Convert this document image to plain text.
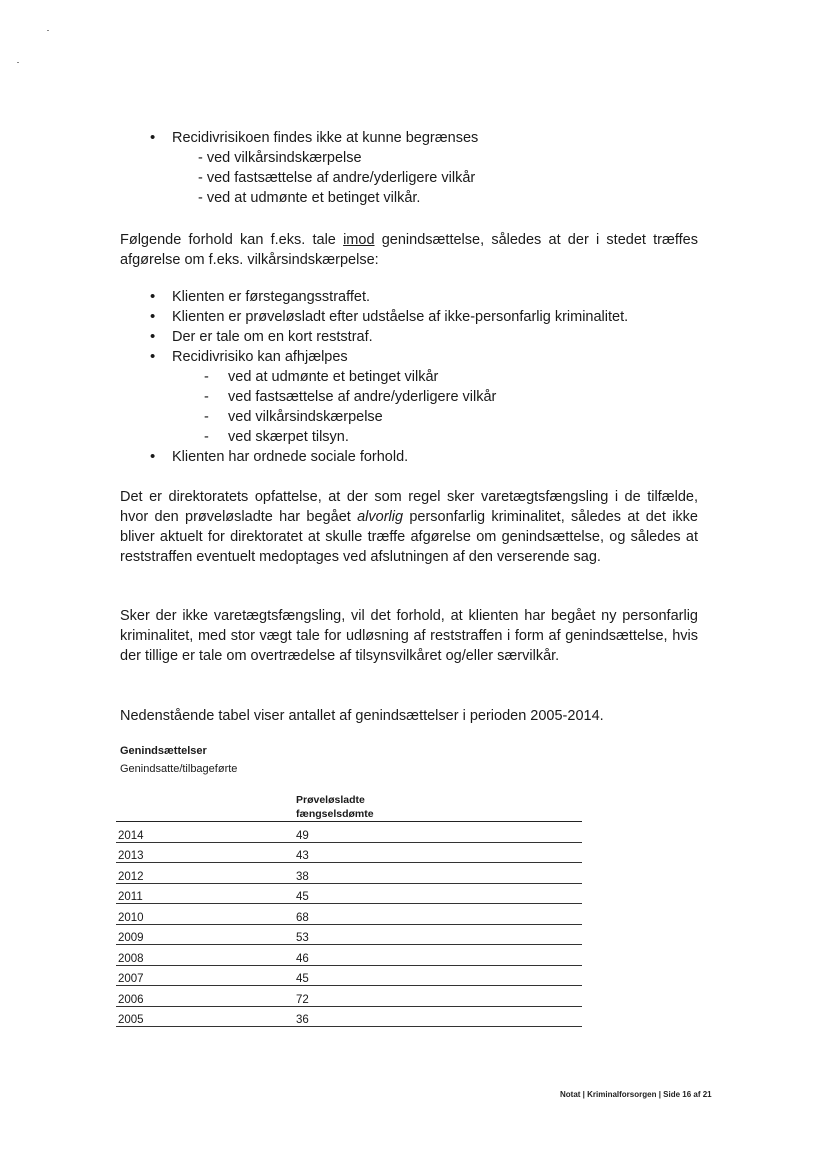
• Recidivrisikoen findes ikke at kunne begrænses
- ved vilkårsindskærpelse
- ved fastsættelse af andre/yderligere vilkår
- ved at udmønte et betinget vilkår.

Følgende forhold kan f.eks. tale imod genindsættelse, således at der i stedet træffes afgørelse om f.eks. vilkårsindskærpelse:

• Klienten er førstegangsstraffet.
• Klienten er prøveløsladt efter udståelse af ikke-personfarlig kriminalitet.
• Der er tale om en kort reststraf.
• Recidivrisiko kan afhjælpes
- ved at udmønte et betinget vilkår
- ved fastsættelse af andre/yderligere vilkår
- ved vilkårsindskærpelse
- ved skærpet tilsyn.
• Klienten har ordnede sociale forhold.

Det er direktoratets opfattelse, at der som regel sker varetægtsfængsling i de tilfælde, hvor den prøveløsladte har begået alvorlig personfarlig kriminalitet, således at det ikke bliver aktuelt for direktoratet at skulle træffe afgørelse om genindsættelse, og således at reststraffen eventuelt medoptages ved afslutningen af den verserende sag.

Sker der ikke varetægtsfængsling, vil det forhold, at klienten har begået ny personfarlig kriminalitet, med stor vægt tale for udløsning af reststraffen i form af genindsættelse, hvis der tillige er tale om overtrædelse af tilsynsvilkåret og/eller særvilkår.

Nedenstående tabel viser antallet af genindsættelser i perioden 2005-2014.

Genindsættelser
Genindsatte/tilbageførte

	Prøveløsladte
fængselsdømte

2014	49
2013	43
2012	38
2011	45
2010	68
2009	53
2008	46
2007	45
2006	72
2005	36
Notat | Kriminalforsorgen | Side 16 af 21
